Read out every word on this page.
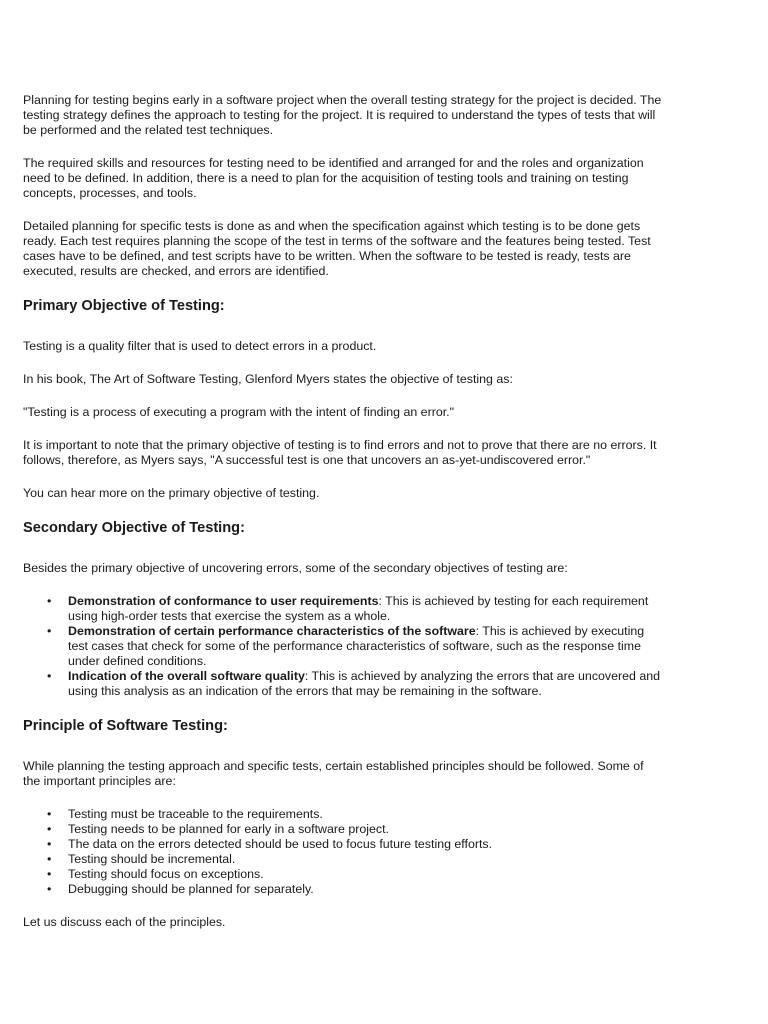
Planning for testing begins early in a software project when the overall testing strategy for the project is decided. The testing strategy defines the approach to testing for the project. It is required to understand the types of tests that will be performed and the related test techniques.

The required skills and resources for testing need to be identified and arranged for and the roles and organization need to be defined. In addition, there is a need to plan for the acquisition of testing tools and training on testing concepts, processes, and tools.

Detailed planning for specific tests is done as and when the specification against which testing is to be done gets ready. Each test requires planning the scope of the test in terms of the software and the features being tested. Test cases have to be defined, and test scripts have to be written. When the software to be tested is ready, tests are executed, results are checked, and errors are identified.

Primary Objective of Testing:

Testing is a quality filter that is used to detect errors in a product.

In his book, The Art of Software Testing, Glenford Myers states the objective of testing as:

"Testing is a process of executing a program with the intent of finding an error."

It is important to note that the primary objective of testing is to find errors and not to prove that there are no errors. It follows, therefore, as Myers says, "A successful test is one that uncovers an as-yet-undiscovered error."

You can hear more on the primary objective of testing.

Secondary Objective of Testing:

Besides the primary objective of uncovering errors, some of the secondary objectives of testing are:

• Demonstration of conformance to user requirements: This is achieved by testing for each requirement using high-order tests that exercise the system as a whole.
• Demonstration of certain performance characteristics of the software: This is achieved by executing test cases that check for some of the performance characteristics of software, such as the response time under defined conditions.
• Indication of the overall software quality: This is achieved by analyzing the errors that are uncovered and using this analysis as an indication of the errors that may be remaining in the software.
Principle of Software Testing:

While planning the testing approach and specific tests, certain established principles should be followed. Some of the important principles are:

• Testing must be traceable to the requirements.
• Testing needs to be planned for early in a software project.
• The data on the errors detected should be used to focus future testing efforts.
• Testing should be incremental.
• Testing should focus on exceptions.
• Debugging should be planned for separately.

Let us discuss each of the principles.
